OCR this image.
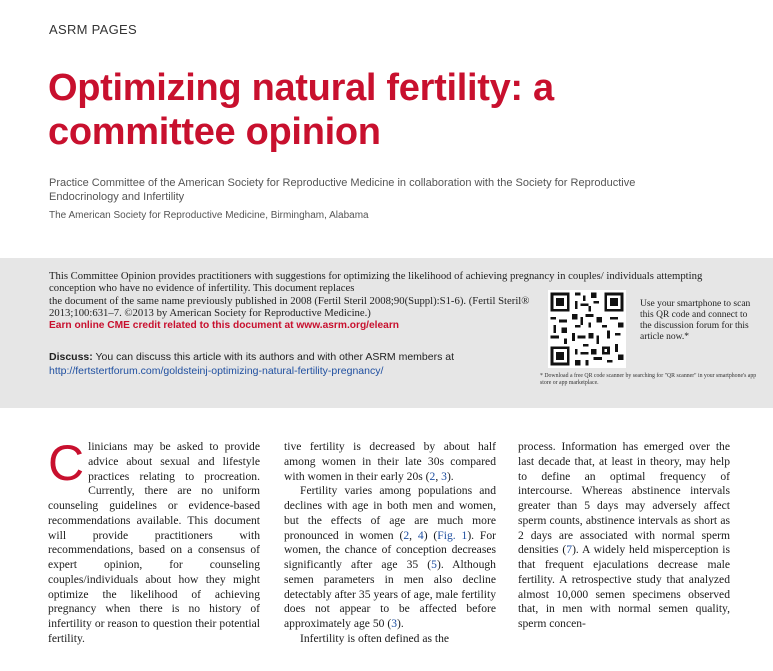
ASRM PAGES
Optimizing natural fertility: a committee opinion
Practice Committee of the American Society for Reproductive Medicine in collaboration with the Society for Reproductive Endocrinology and Infertility
The American Society for Reproductive Medicine, Birmingham, Alabama
This Committee Opinion provides practitioners with suggestions for optimizing the likelihood of achieving pregnancy in couples/ individuals attempting conception who have no evidence of infertility. This document replaces
the document of the same name previously published in 2008 (Fertil Steril 2008;90(Suppl):S1-6). (Fertil Steril® 2013;100:631–7. ©2013 by American Society for Reproductive Medicine.)
Earn online CME credit related to this document at www.asrm.org/elearn
Discuss: You can discuss this article with its authors and with other ASRM members at http://fertstertforum.com/goldsteinj-optimizing-natural-fertility-pregnancy/
Use your smartphone to scan this QR code and connect to the discussion forum for this article now.*
* Download a free QR code scanner by searching for "QR scanner" in your smartphone's app store or app marketplace.
C linicians may be asked to provide advice about sexual and lifestyle practices relating to procreation. Currently, there are no uniform counseling guidelines or evidence-based recommendations available. This document will provide practitioners with recommendations, based on a consensus of expert opinion, for counseling couples/individuals about how they might optimize the likelihood of achieving pregnancy when there is no history of infertility or reason to question their potential fertility.

tive fertility is decreased by about half among women in their late 30s compared with women in their early 20s (2, 3).

Fertility varies among populations and declines with age in both men and women, but the effects of age are much more pronounced in women (2, 4) (Fig. 1). For women, the chance of conception decreases significantly after age 35 (5). Although semen parameters in men also decline detectably after 35 years of age, male fertility does not appear to be affected before approximately age 50 (3).

Infertility is often defined as the

process. Information has emerged over the last decade that, at least in theory, may help to define an optimal frequency of intercourse. Whereas abstinence intervals greater than 5 days may adversely affect sperm counts, abstinence intervals as short as 2 days are associated with normal sperm densities (7). A widely held misperception is that frequent ejaculations decrease male fertility. A retrospective study that analyzed almost 10,000 semen specimens observed that, in men with normal semen quality, sperm concen-
